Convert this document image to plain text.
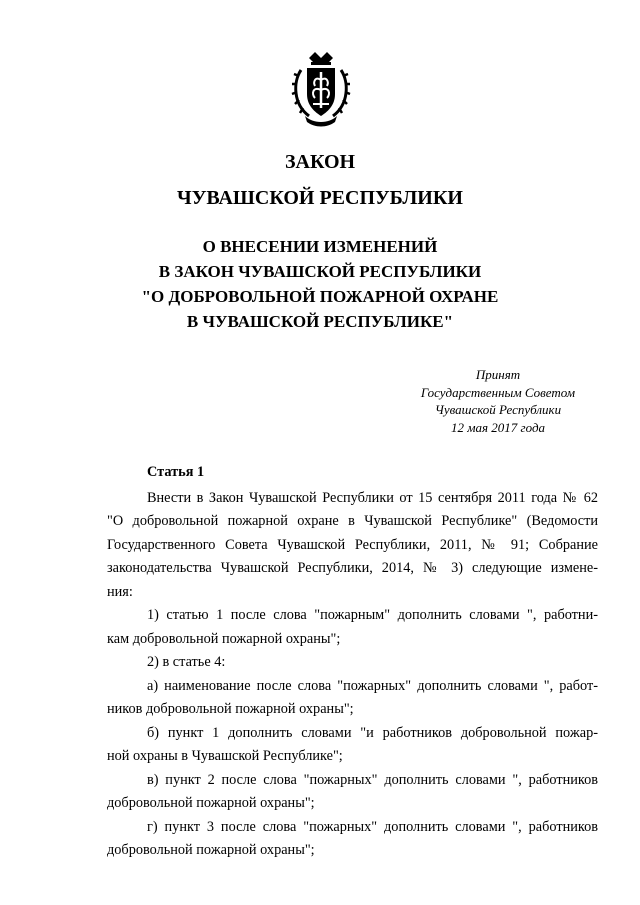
ЗАКОН
ЧУВАШСКОЙ РЕСПУБЛИКИ
О ВНЕСЕНИИ ИЗМЕНЕНИЙ
В ЗАКОН ЧУВАШСКОЙ РЕСПУБЛИКИ
"О ДОБРОВОЛЬНОЙ ПОЖАРНОЙ ОХРАНЕ
В ЧУВАШСКОЙ РЕСПУБЛИКЕ"
Принят
Государственным Советом
Чувашской Республики
12 мая 2017 года
Статья 1
Внести в Закон Чувашской Республики от 15 сентября 2011 года № 62
"О добровольной пожарной охране в Чувашской Республике" (Ведомости
Государственного Совета Чувашской Республики, 2011, № 91; Собрание
законодательства Чувашской Республики, 2014, № 3) следующие измене-
ния:
1) статью 1 после слова "пожарным" дополнить словами ", работни-
кам добровольной пожарной охраны";
2) в статье 4:
а) наименование после слова "пожарных" дополнить словами ", работ-
ников добровольной пожарной охраны";
б) пункт 1 дополнить словами "и работников добровольной пожар-
ной охраны в Чувашской Республике";
в) пункт 2 после слова "пожарных" дополнить словами ", работников
добровольной пожарной охраны";
г) пункт 3 после слова "пожарных" дополнить словами ", работников
добровольной пожарной охраны";
